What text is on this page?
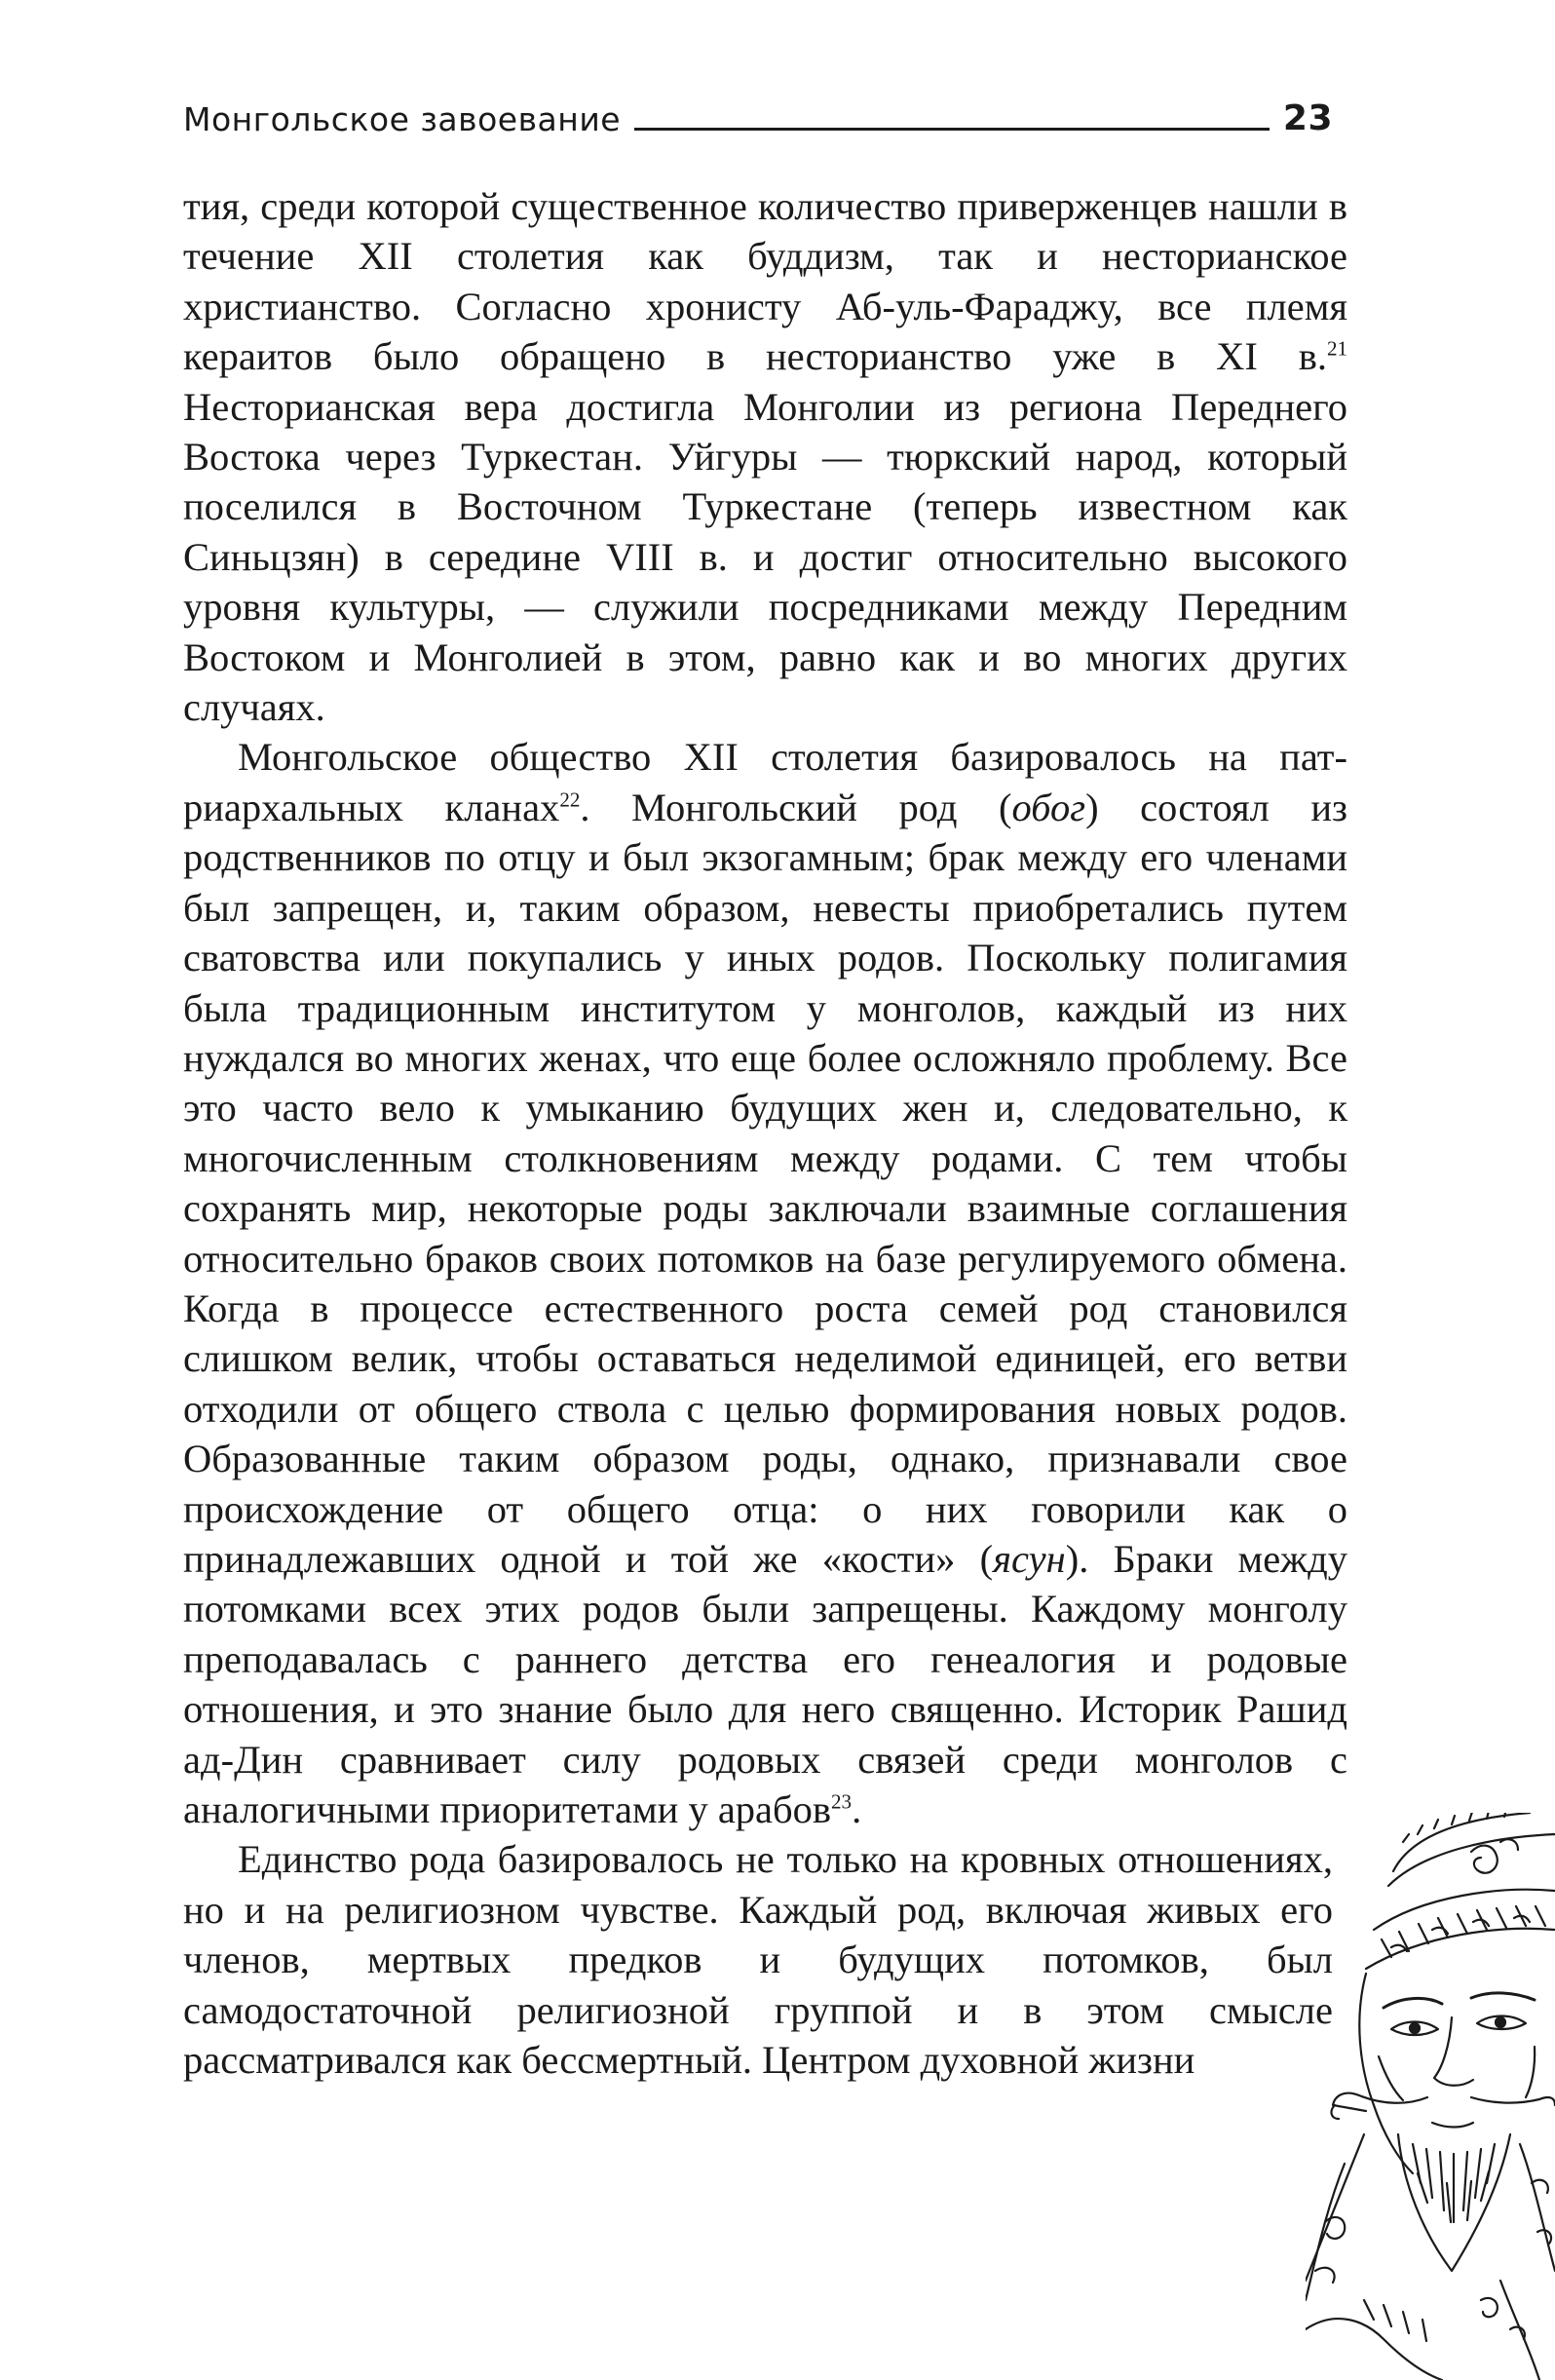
Монгольское завоевание	23

тия, среди которой существенное количество приверженцев нашли в течение XII столетия как буддизм, так и несторианское христианство. Согласно хронисту Аб-уль-Фараджу, все племя кераитов было обращено в несторианство уже в XI в.$^{21}$ Несторианская вера достигла Монголии из региона Переднего Востока через Туркестан. Уйгуры — тюркский народ, который поселился в Восточном Туркестане (теперь известном как Синьцзян) в середине VIII в. и достиг относительно высокого уровня культуры, — служили посредниками между Передним Востоком и Монголией в этом, равно как и во многих других случаях.

Монгольское общество XII столетия базировалось на патриархальных кланах$^{22}$. Монгольский род (обог) состоял из родственников по отцу и был экзогамным; брак между его членами был запрещен, и, таким образом, невесты приобретались путем сватовства или покупались у иных родов. Поскольку полигамия была традиционным институтом у монголов, каждый из них нуждался во многих женах, что еще более осложняло проблему. Все это часто вело к умыканию будущих жен и, следовательно, к многочисленным столкновениям между родами. С тем чтобы сохранять мир, некоторые роды заключали взаимные соглашения относительно браков своих потомков на базе регулируемого обмена. Когда в процессе естественного роста семей род становился слишком велик, чтобы оставаться неделимой единицей, его ветви отходили от общего ствола с целью формирования новых родов. Образованные таким образом роды, однако, признавали свое происхождение от общего отца: о них говорили как о принадлежавших одной и той же «кости» (ясун). Браки между потомками всех этих родов были запрещены. Каждому монголу преподавалась с раннего детства его генеалогия и родовые отношения, и это знание было для него священно. Историк Рашид ад-Дин сравнивает силу родовых связей среди монголов с аналогичными приоритетами у арабов$^{23}$.

Единство рода базировалось не только на кровных отношениях, но и на религиозном чувстве. Каждый род, включая живых его членов, мертвых предков и будущих потомков, был самодостаточной религиозной группой и в этом смысле рассматривался как бессмертный. Центром духовной жизни
